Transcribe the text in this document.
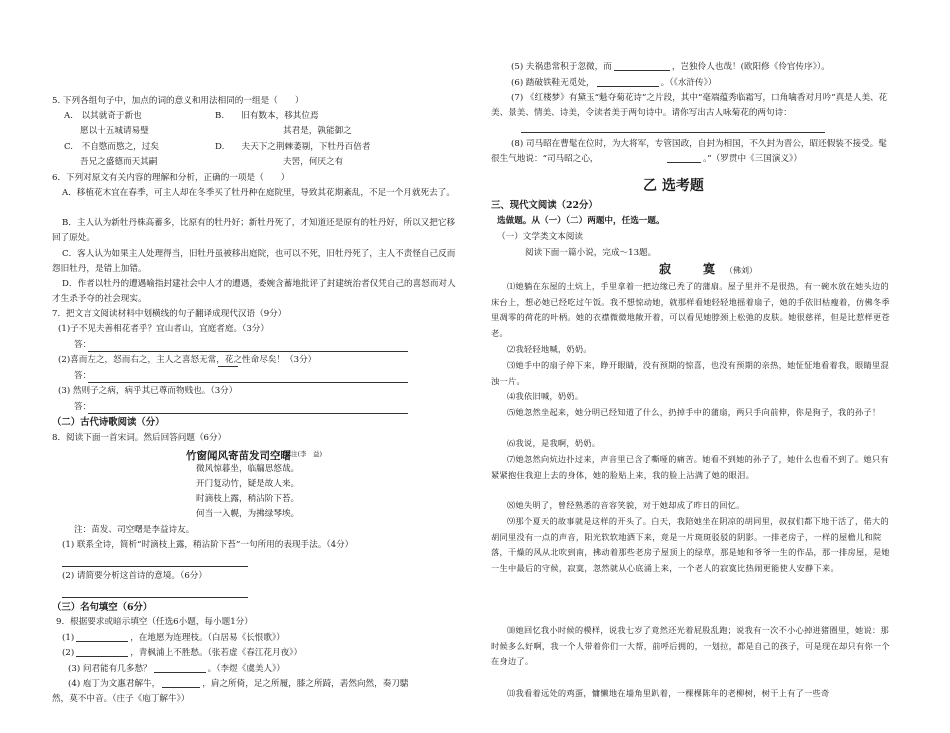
5. 下列各组句子中，加点的词的意义和用法相同的一组是（　　）
A.　以其就奇于新也	B.　　旧有数本，移其位焉
愿以十五城请易璧	其君是，孰能御之
C.　不自愍而愍之，过矣	D.　　夫天下之荆棘萎剔，下牡丹百倍者
吾兄之盛德而天其嗣	夫罟，何厌之有
6．下列对原文有关内容的理解和分析，正确的一项是（　　）
A．移植花木宜在春季，可主人却在冬季买了牡丹种在庭院里，导致其花期紊乱，不足一个月就死去了。
B．主人认为新牡丹株高蓄多，比原有的牡丹好；新牡丹死了，才知道还是原有的牡丹好，所以又把它移回了原处。
C．客人认为如果主人处理得当，旧牡丹虽被移出庭院，也可以不死，旧牡丹死了，主人不责怪自己反而怨旧牡丹，是错上加错。
D．作者以牡丹的遭遇喻指封建社会中人才的遭遇，委婉含蓄地批评了封建统治者仅凭自己的喜怒而对人才生杀予夺的社会现实。
7．把文言文阅读材料中划横线的句子翻译成现代汉语（9分）
(1)子不见夫善相花者乎？宜山者山，宜庭者庭。（3分）
答：
(2)喜而左之，怒而右之，主人之喜怒无常，花之性命尽矣！（3分）
答：
(3) 然则子之病，病乎其已尊而物贱也。（3分）
答：
（二）古代诗歌阅读（分）
8．阅读下面一首宋词。然后回答问题（6分）
竹窗闻风寄苗发司空曙$^{注(李 益)}$
微风惊暮坐，临牖思悠哉。
开门复动竹，疑是故人来。
时滴枝上露，稍沾阶下苔。
何当一入幌，为拂绿琴埃。
注：苗发、司空曙是李益诗友。
(1) 联系全诗，简析“时滴枝上露，稍沾阶下苔”一句所用的表现手法。（4分）
(2) 请简要分析这首诗的意境。（6分）
（三）名句填空（6分）
9．根据要求或暗示填空（任选6小题，每小题1分）
(1)	，在地愿为连理枝。（白居易《长恨歌》）
(2)	，青枫浦上不胜愁。（张若虚《春江花月夜》）
(3) 问君能有几多愁？	。（李煜《虞美人》）
(4) 庖丁为文惠君解牛，	，肩之所倚，足之所履，膝之所踦，砉然向然，奏刀騞
然，莫不中音。（庄子《庖丁解牛》）
(5) 夫祸患常积于忽微，而	，岂独伶人也哉！(欧阳修《伶官传序》）。
(6) 踏破铁鞋无觅处，	。（《水浒传》）
(7) 《红楼梦》有黛玉“魁夺菊花诗”之片段，其中“毫端蕴秀临霜写，口角噙香对月吟”真是人美、花美、景美、情美、诗美，令读者美于两句诗中。请你写出古人咏菊花的两句诗：
(8) 司马昭在曹髦在位时，为大将军，专管国政，自封为相国，不久封为晋公，昭还假装不接受。髦很生气地说：“司马昭之心，	。”（罗贯中《三国演义》）
乙 选考题
三、现代文阅读（22分）
选做题。从（一）（二）两题中，任选一题。
（一）文学类文本阅读
阅读下面一篇小说，完成～13题。
寂　寞（佛刘）
⑴她躺在东屋的土炕上，手里拿着一把边缘已秃了的蒲扇。屋子里并不是很热，有一碗水放在她头边的床台上，想必她已经吃过午饭。我不想惊动她，就那样看她轻轻地摇着扇子，她的手依旧枯瘦着，仿佛冬季里凋零的荷花的叶柄。她的衣襟微微地敞开着，可以看见她脖颈上松弛的皮肤。她很慈祥，但是比惹样更苍老。
⑵我轻轻地喊，奶奶。
⑶她手中的扇子停下来，睁开眼睛，没有预期的惊喜，也没有预期的亲热，她怔怔地看着我，眼睛里混浊一片。
⑷我依旧喊，奶奶。
⑸她忽然坐起来，她分明已经知道了什么，扔掉手中的蒲扇，两只手向前伸，你是狗子，我的孙子！
⑹我说，是我啊，奶奶。
⑺她忽然向炕边扑过来，声音里已含了嘶哑的痛苦。她看不到她的孙子了，她什么也看不到了。她只有紧紧抱住我迎上去的身体，她的脸贴上来，我的脸上沾满了她的眼泪。
⑻她失明了，曾经熟悉的音容笑貌，对于她却成了昨日的回忆。
⑼那个夏天的故事就是这样的开头了。白天，我陪她坐在阴凉的胡同里，叔叔们都下地干活了，偌大的胡同里没有一点的声音，阳光软软地洒下来，竟是一片斑斑驳驳的阴影。一排老房子，一样的屋檐儿和院落，干燥的风从北吹到南，拂动着那些老房子屋顶上的绿草，那是她和爷爷一生的作品，那一排房屋，是她一生中最后的守候，寂寞，忽然就从心底涌上来，一个老人的寂寞比热闹更能使人安静下来。
⑽她回忆我小时候的模样，说我七岁了竟然还光着屁股乱跑；说我有一次不小心掉进猪圈里，她说：那时候多么好啊，我一个人带着你们一大帮，前呼后拥的，一划拉，都是自己的孩子，可是现在却只有你一个在身边了。
⑾我看着远处的鸡蛋，慵懒地在墙角里趴着，一棵棵陈年的老柳树，树干上有了一些奇
